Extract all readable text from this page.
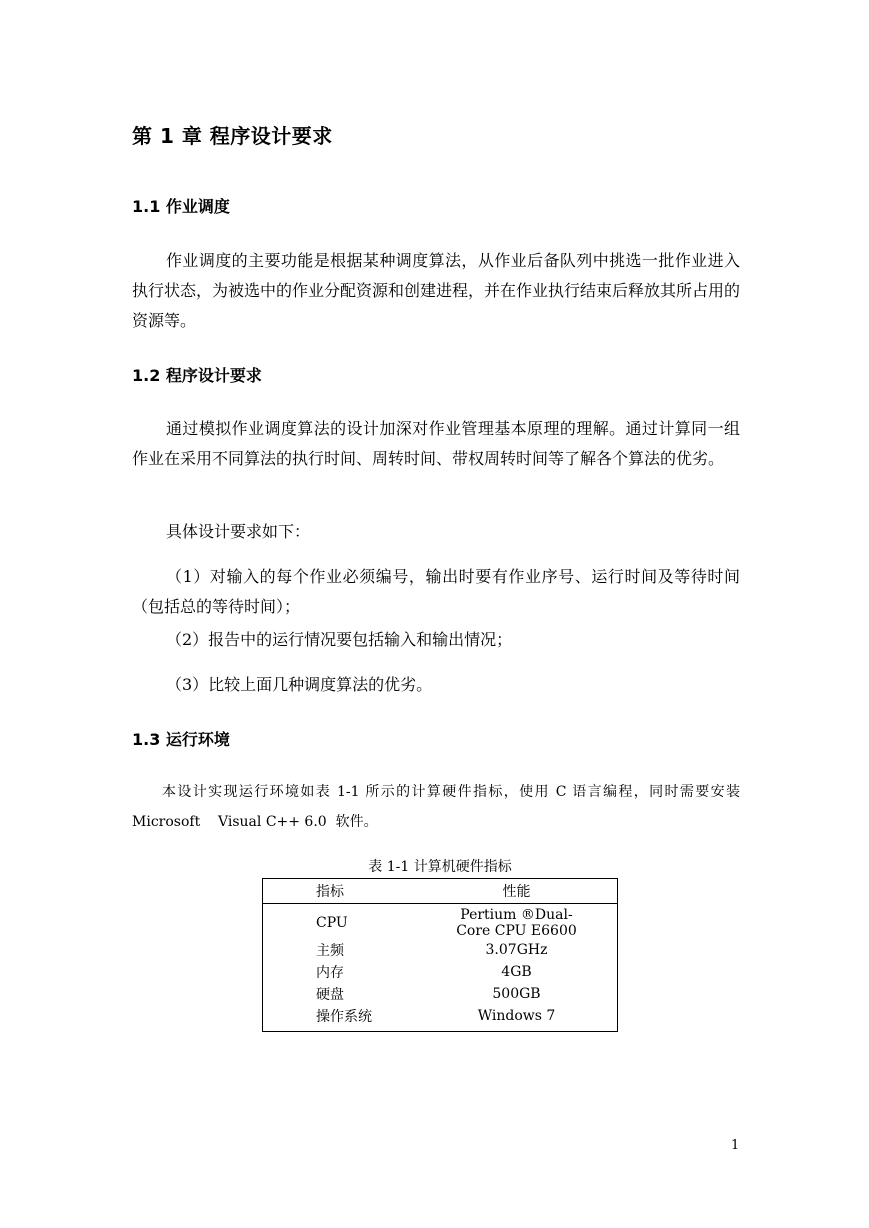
第 1 章 程序设计要求
1.1 作业调度
作业调度的主要功能是根据某种调度算法，从作业后备队列中挑选一批作业进入执行状态，为被选中的作业分配资源和创建进程，并在作业执行结束后释放其所占用的资源等。
1.2 程序设计要求
通过模拟作业调度算法的设计加深对作业管理基本原理的理解。通过计算同一组作业在采用不同算法的执行时间、周转时间、带权周转时间等了解各个算法的优劣。
具体设计要求如下：
（1）对输入的每个作业必须编号，输出时要有作业序号、运行时间及等待时间（包括总的等待时间）；
（2）报告中的运行情况要包括输入和输出情况；
（3）比较上面几种调度算法的优劣。
1.3 运行环境
本设计实现运行环境如表 1-1 所示的计算硬件指标，使用 C 语言编程，同时需要安装 Microsoft    Visual C++ 6.0  软件。
表 1-1 计算机硬件指标
指标	性能
CPU	Pertium ®Dual-Core CPU E6600
主频	3.07GHz
内存	4GB
硬盘	500GB
操作系统	Windows 7
1
